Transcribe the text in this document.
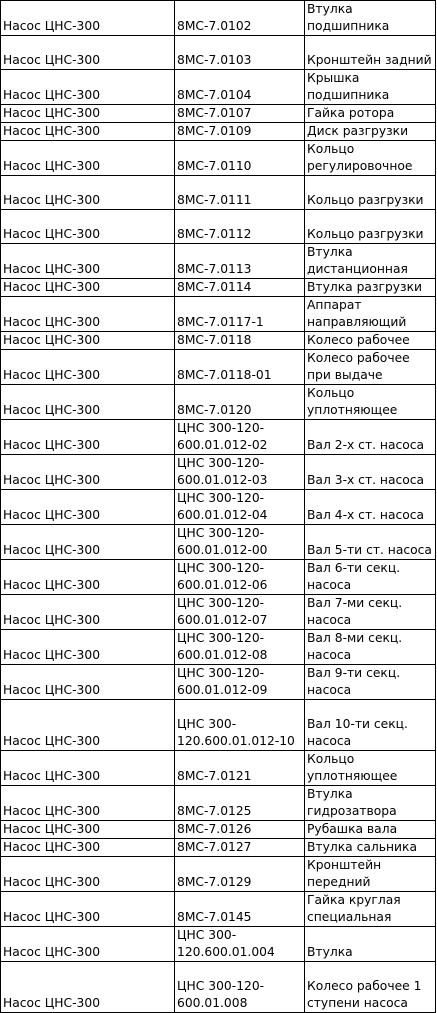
Насос ЦНС-300	8МС-7.0102	Втулка подшипника
Насос ЦНС-300	8МС-7.0103	Кронштейн задний
Насос ЦНС-300	8МС-7.0104	Крышка подшипника
Насос ЦНС-300	8МС-7.0107	Гайка ротора
Насос ЦНС-300	8МС-7.0109	Диск разгрузки
Насос ЦНС-300	8МС-7.0110	Кольцо регулировочное
Насос ЦНС-300	8МС-7.0111	Кольцо разгрузки
Насос ЦНС-300	8МС-7.0112	Кольцо разгрузки
Насос ЦНС-300	8МС-7.0113	Втулка дистанционная
Насос ЦНС-300	8МС-7.0114	Втулка разгрузки
Насос ЦНС-300	8МС-7.0117-1	Аппарат направляющий
Насос ЦНС-300	8МС-7.0118	Колесо рабочее
Насос ЦНС-300	8МС-7.0118-01	Колесо рабочее при выдаче
Насос ЦНС-300	8МС-7.0120	Кольцо уплотняющее
Насос ЦНС-300	ЦНС 300-120-600.01.012-02	Вал 2-х ст. насоса
Насос ЦНС-300	ЦНС 300-120-600.01.012-03	Вал 3-х ст. насоса
Насос ЦНС-300	ЦНС 300-120-600.01.012-04	Вал 4-х ст. насоса
Насос ЦНС-300	ЦНС 300-120-600.01.012-00	Вал 5-ти ст. насоса
Насос ЦНС-300	ЦНС 300-120-600.01.012-06	Вал 6-ти секц. насоса
Насос ЦНС-300	ЦНС 300-120-600.01.012-07	Вал 7-ми секц. насоса
Насос ЦНС-300	ЦНС 300-120-600.01.012-08	Вал 8-ми секц. насоса
Насос ЦНС-300	ЦНС 300-120-600.01.012-09	Вал 9-ти секц. насоса
Насос ЦНС-300	ЦНС 300-120.600.01.012-10	Вал 10-ти секц. насоса
Насос ЦНС-300	8МС-7.0121	Кольцо уплотняющее
Насос ЦНС-300	8МС-7.0125	Втулка гидрозатвора
Насос ЦНС-300	8МС-7.0126	Рубашка вала
Насос ЦНС-300	8МС-7.0127	Втулка сальника
Насос ЦНС-300	8МС-7.0129	Кронштейн передний
Насос ЦНС-300	8МС-7.0145	Гайка круглая специальная
Насос ЦНС-300	ЦНС 300-120.600.01.004	Втулка
Насос ЦНС-300	ЦНС 300-120-600.01.008	Колесо рабочее 1 ступени насоса
